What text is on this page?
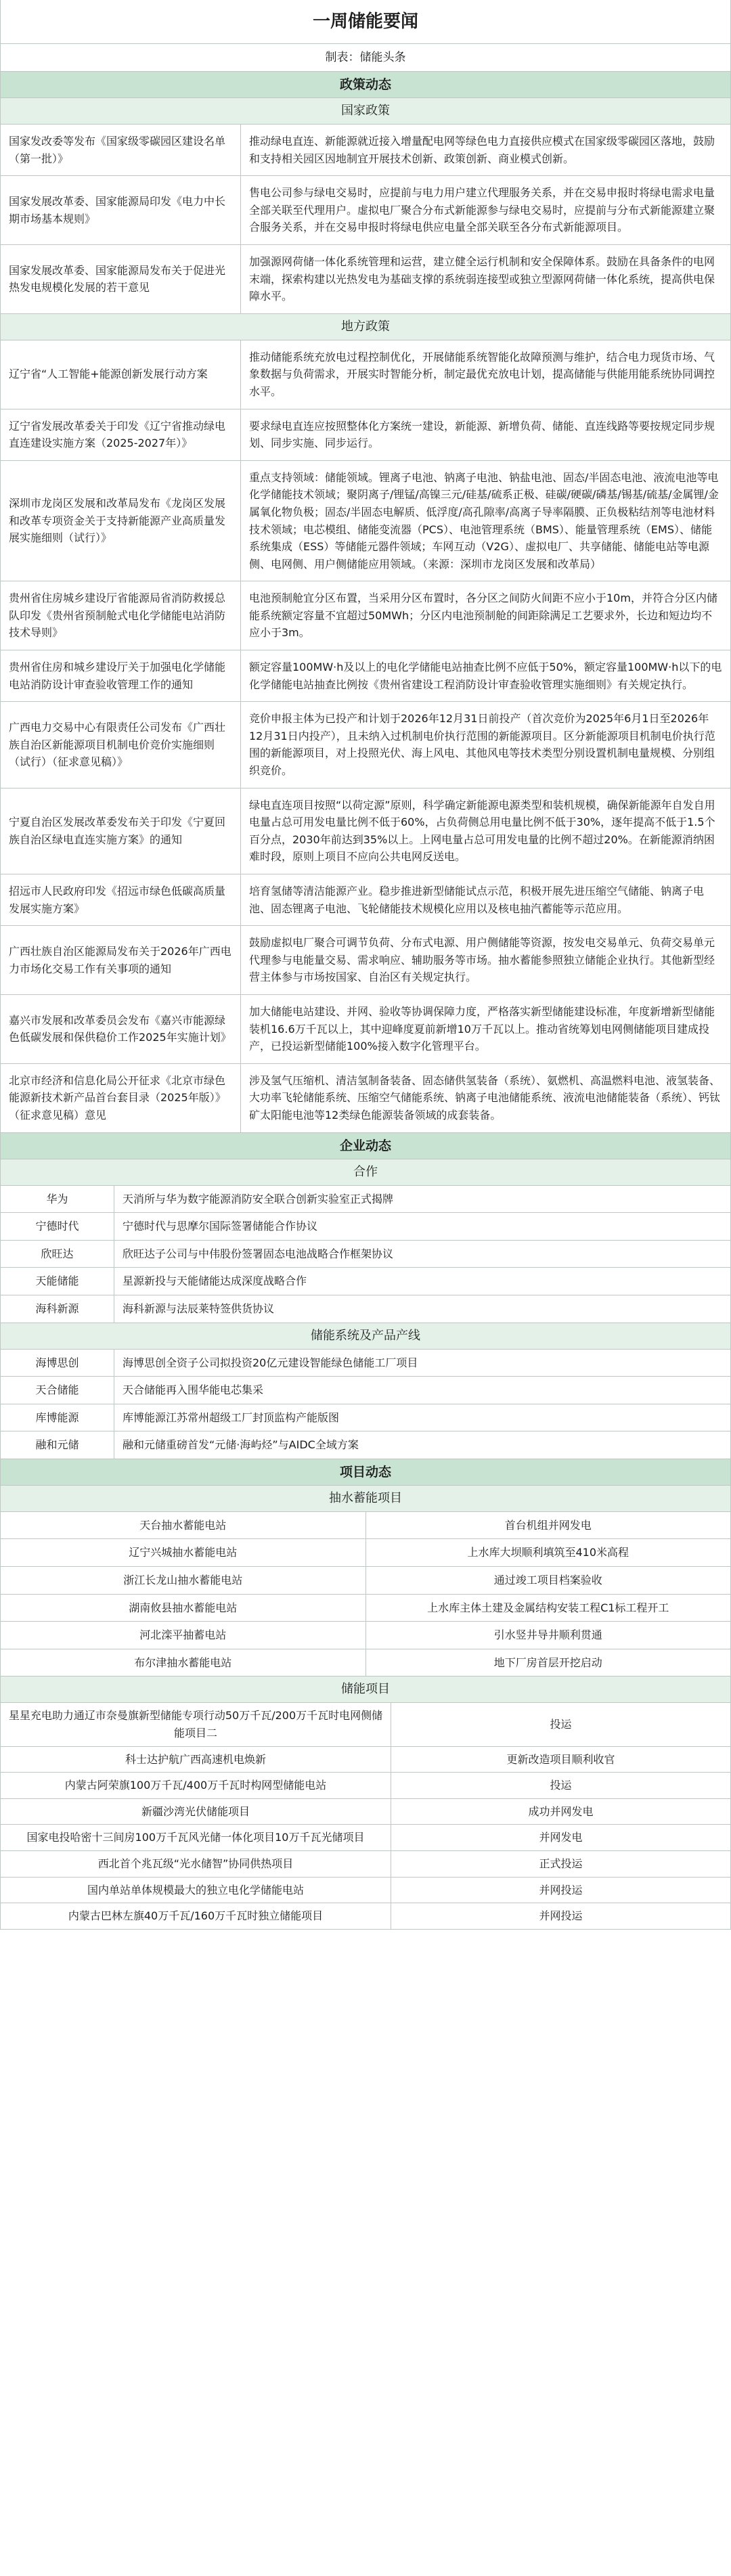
一周储能要闻
制表：储能头条
政策动态
国家政策
国家发改委等发布《国家级零碳园区建设名单（第一批）》	推动绿电直连、新能源就近接入增量配电网等绿色电力直接供应模式在国家级零碳园区落地，鼓励和支持相关园区因地制宜开展技术创新、政策创新、商业模式创新。
国家发展改革委、国家能源局印发《电力中长期市场基本规则》	售电公司参与绿电交易时，应提前与电力用户建立代理服务关系，并在交易申报时将绿电需求电量全部关联至代理用户。虚拟电厂聚合分布式新能源参与绿电交易时，应提前与分布式新能源建立聚合服务关系，并在交易申报时将绿电供应电量全部关联至各分布式新能源项目。
国家发展改革委、国家能源局发布关于促进光热发电规模化发展的若干意见	加强源网荷储一体化系统管理和运营，建立健全运行机制和安全保障体系。鼓励在具备条件的电网末端，探索构建以光热发电为基础支撑的系统弱连接型或独立型源网荷储一体化系统，提高供电保障水平。
地方政策
辽宁省“人工智能+能源创新发展行动方案	推动储能系统充放电过程控制优化，开展储能系统智能化故障预测与维护，结合电力现货市场、气象数据与负荷需求，开展实时智能分析，制定最优充放电计划，提高储能与供能用能系统协同调控水平。
辽宁省发展改革委关于印发《辽宁省推动绿电直连建设实施方案（2025-2027年）》	要求绿电直连应按照整体化方案统一建设，新能源、新增负荷、储能、直连线路等要按规定同步规划、同步实施、同步运行。
深圳市龙岗区发展和改革局发布《龙岗区发展和改革专项资金关于支持新能源产业高质量发展实施细则（试行）》	重点支持领域：储能领域。锂离子电池、钠离子电池、钠盐电池、固态/半固态电池、液流电池等电化学储能技术领域；聚阴离子/锂锰/高镍三元/硅基/硫系正极、硅碳/硬碳/磷基/锡基/硫基/金属锂/金属氧化物负极；固态/半固态电解质、低浮度/高孔隙率/高离子导率隔膜、正负极粘结剂等电池材料技术领域；电芯模组、储能变流器（PCS）、电池管理系统（BMS）、能量管理系统（EMS）、储能系统集成（ESS）等储能元器件领域；车网互动（V2G）、虚拟电厂、共享储能、储能电站等电源侧、电网侧、用户侧储能应用领域。（来源：深圳市龙岗区发展和改革局）
贵州省住房城乡建设厅省能源局省消防救援总队印发《贵州省预制舱式电化学储能电站消防技术导则》	电池预制舱宜分区布置，当采用分区布置时，各分区之间防火间距不应小于10m，并符合分区内储能系统额定容量不宜超过50MWh；分区内电池预制舱的间距除满足工艺要求外，长边和短边均不应小于3m。
贵州省住房和城乡建设厅关于加强电化学储能电站消防设计审查验收管理工作的通知	额定容量100MW·h及以上的电化学储能电站抽查比例不应低于50%，额定容量100MW·h以下的电化学储能电站抽查比例按《贵州省建设工程消防设计审查验收管理实施细则》有关规定执行。
广西电力交易中心有限责任公司发布《广西壮族自治区新能源项目机制电价竞价实施细则（试行）（征求意见稿）》	竞价申报主体为已投产和计划于2026年12月31日前投产（首次竞价为2025年6月1日至2026年12月31日内投产），且未纳入过机制电价执行范围的新能源项目。区分新能源项目机制电价执行范围的新能源项目，对上投照光伏、海上风电、其他风电等技术类型分别设置机制电量规模、分别组织竞价。
宁夏自治区发展改革委发布关于印发《宁夏回族自治区绿电直连实施方案》的通知	绿电直连项目按照“以荷定源”原则，科学确定新能源电源类型和装机规模，确保新能源年自发自用电量占总可用发电量比例不低于60%，占负荷侧总用电量比例不低于30%，逐年提高不低于1.5个百分点，2030年前达到35%以上。上网电量占总可用发电量的比例不超过20%。在新能源消纳困难时段，原则上项目不应向公共电网反送电。
招远市人民政府印发《招远市绿色低碳高质量发展实施方案》	培育氢储等清洁能源产业。稳步推进新型储能试点示范，积极开展先进压缩空气储能、钠离子电池、固态锂离子电池、飞轮储能技术规模化应用以及核电抽汽蓄能等示范应用。
广西壮族自治区能源局发布关于2026年广西电力市场化交易工作有关事项的通知	鼓励虚拟电厂聚合可调节负荷、分布式电源、用户侧储能等资源，按发电交易单元、负荷交易单元代理参与电能量交易、需求响应、辅助服务等市场。抽水蓄能参照独立储能企业执行。其他新型经营主体参与市场按国家、自治区有关规定执行。
嘉兴市发展和改革委员会发布《嘉兴市能源绿色低碳发展和保供稳价工作2025年实施计划》	加大储能电站建设、并网、验收等协调保障力度，严格落实新型储能建设标准，年度新增新型储能装机16.6万千瓦以上，其中迎峰度夏前新增10万千瓦以上。推动省统筹划电网侧储能项目建成投产，已投运新型储能100%接入数字化管理平台。
北京市经济和信息化局公开征求《北京市绿色能源新技术新产品首台套目录（2025年版）》（征求意见稿）意见	涉及氢气压缩机、清洁氢制备装备、固态储供氢装备（系统）、氨燃机、高温燃料电池、液氢装备、大功率飞轮储能系统、压缩空气储能系统、钠离子电池储能系统、液流电池储能装备（系统）、钙钛矿太阳能电池等12类绿色能源装备领域的成套装备。
企业动态
合作
华为	天消所与华为数字能源消防安全联合创新实验室正式揭牌
宁德时代	宁德时代与思摩尔国际签署储能合作协议
欣旺达	欣旺达子公司与中伟股份签署固态电池战略合作框架协议
天能储能	星源新投与天能储能达成深度战略合作
海科新源	海科新源与法辰莱特签供货协议
储能系统及产品产线
海博思创	海博思创全资子公司拟投资20亿元建设智能绿色储能工厂项目
天合储能	天合储能再入围华能电芯集采
库博能源	库博能源江苏常州超级工厂封顶监构产能版图
融和元储	融和元储重磅首发“元储·海屿烃”与AIDC全域方案
项目动态
抽水蓄能项目
天台抽水蓄能电站	首台机组并网发电
辽宁兴城抽水蓄能电站	上水库大坝顺利填筑至410米高程
浙江长龙山抽水蓄能电站	通过竣工项目档案验收
湖南攸县抽水蓄能电站	上水库主体土建及金属结构安装工程C1标工程开工
河北滦平抽蓄电站	引水竖井导井顺利贯通
布尔津抽水蓄能电站	地下厂房首层开挖启动
储能项目
星星充电助力通辽市奈曼旗新型储能专项行动50万千瓦/200万千瓦时电网侧储能项目二	投运
科士达护航广西高速机电焕新	更新改造项目顺利收官
内蒙古阿荣旗100万千瓦/400万千瓦时构网型储能电站	投运
新疆沙湾光伏储能项目	成功并网发电
国家电投哈密十三间房100万千瓦风光储一体化项目10万千瓦光储项目	并网发电
西北首个兆瓦级“光水储智”协同供热项目	正式投运
国内单站单体规模最大的独立电化学储能电站	并网投运
内蒙古巴林左旗40万千瓦/160万千瓦时独立储能项目	并网投运
